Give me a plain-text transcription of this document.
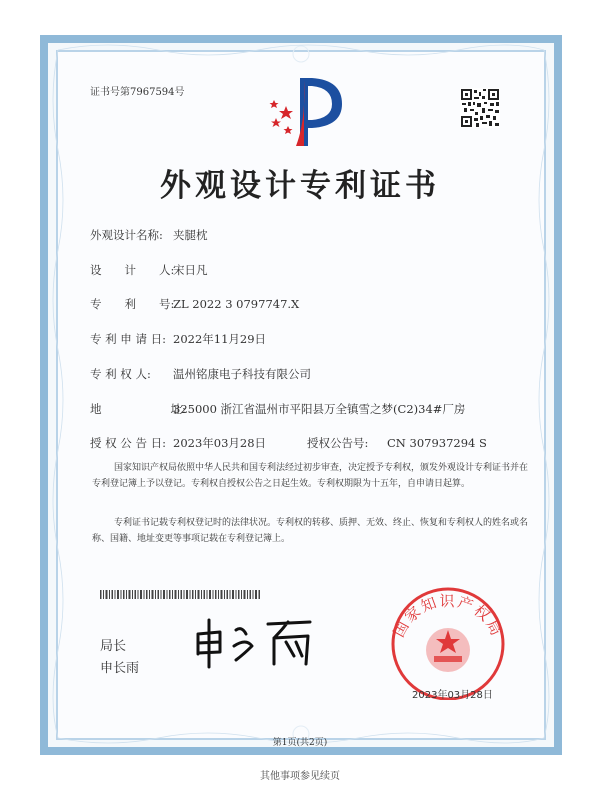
证书号第7967594号
外观设计专利证书
外观设计名称: 夹腿枕
设　　计　　人:
宋日凡
专　　利　　号:
ZL 2022 3 0797747.X
专 利 申 请 日: 2022年11月29日
专 利 权 人: 温州铭康电子科技有限公司
地　　　　　　址:
325000 浙江省温州市平阳县万全镇雪之梦(C2)34#厂房
授 权 公 告 日: 2023年03月28日	授权公告号: CN 307937294 S
国家知识产权局依照中华人民共和国专利法经过初步审查，决定授予专利权，颁发外观设计专利证书并在专利登记簿上予以登记。专利权自授权公告之日起生效。专利权期限为十五年，自申请日起算。
专利证书记载专利权登记时的法律状况。专利权的转移、质押、无效、终止、恢复和专利权人的姓名或名称、国籍、地址变更等事项记载在专利登记簿上。
局长
申长雨
国家知识产权局
2023年03月28日
第1页(共2页)
其他事项参见续页
